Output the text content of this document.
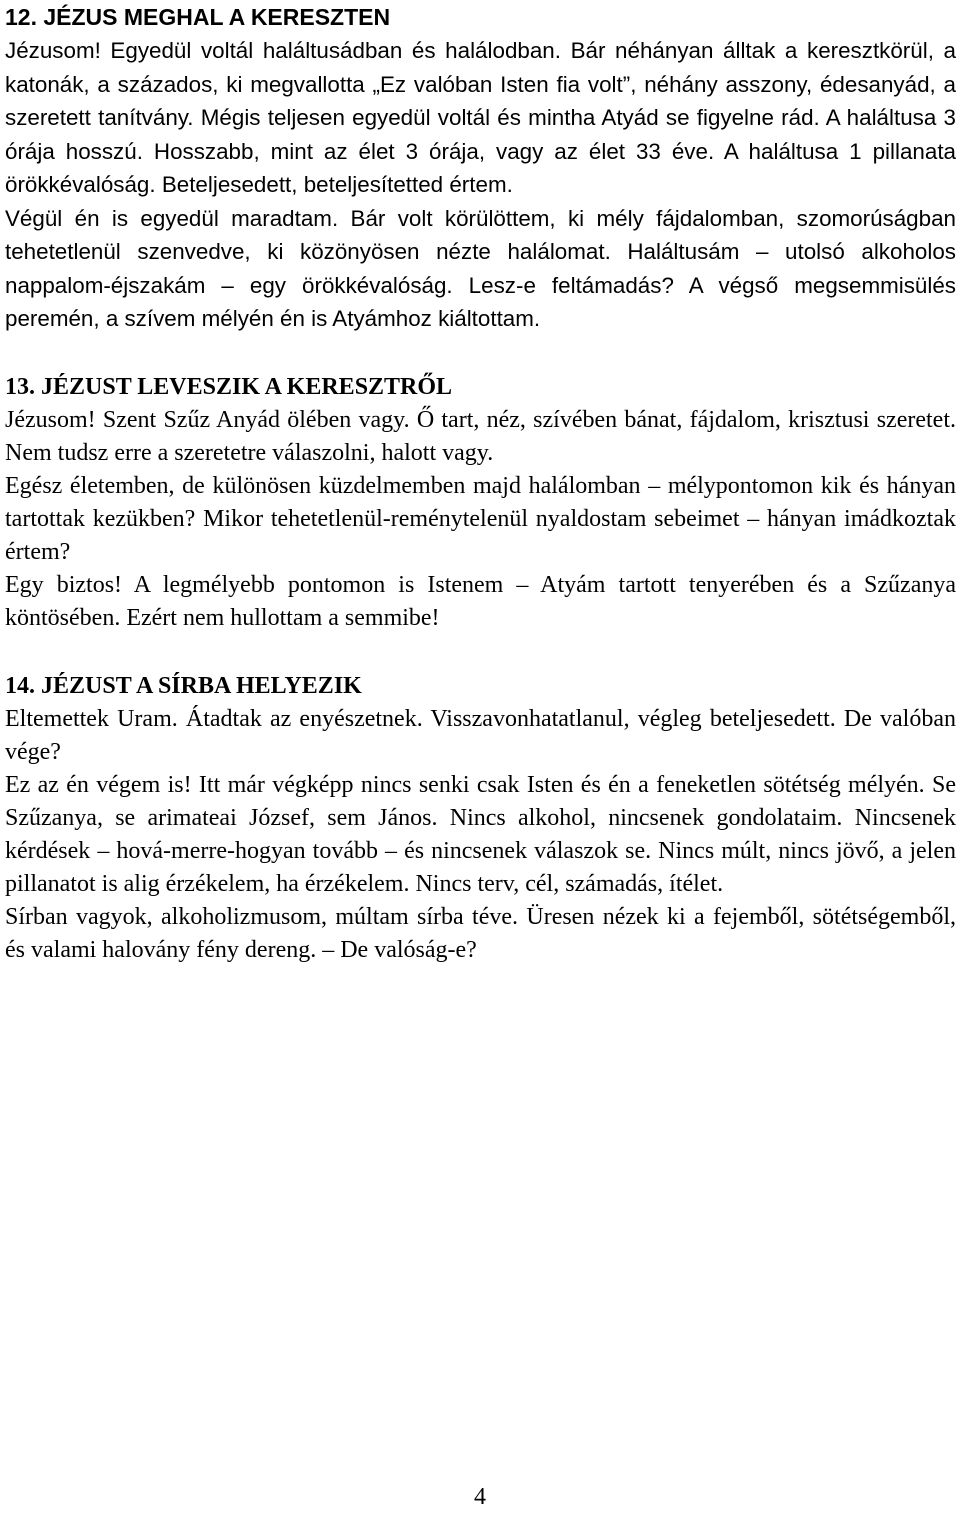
12. JÉZUS MEGHAL A KERESZTEN

Jézusom! Egyedül voltál haláltusádban és halálodban. Bár néhányan álltak a keresztkörül, a katonák, a százados, ki megvallotta „Ez valóban Isten fia volt”, néhány asszony, édesanyád, a szeretett tanítvány. Mégis teljesen egyedül voltál és mintha Atyád se figyelne rád. A haláltusa 3 órája hosszú. Hosszabb, mint az élet 3 órája, vagy az élet 33 éve. A haláltusa 1 pillanata örökkévalóság. Beteljesedett, beteljesítetted értem.

Végül én is egyedül maradtam. Bár volt körülöttem, ki mély fájdalomban, szomorúságban tehetetlenül szenvedve, ki közönyösen nézte halálomat. Haláltusám – utolsó alkoholos nappalom-éjszakám – egy örökkévalóság. Lesz-e feltámadás? A végső megsemmisülés peremén, a szívem mélyén én is Atyámhoz kiáltottam.

13. JÉZUST LEVESZIK A KERESZTRŐL

Jézusom! Szent Szűz Anyád ölében vagy. Ő tart, néz, szívében bánat, fájdalom, krisztusi szeretet. Nem tudsz erre a szeretetre válaszolni, halott vagy.

Egész életemben, de különösen küzdelmemben majd halálomban – mélypontomon kik és hányan tartottak kezükben? Mikor tehetetlenül-reménytelenül nyaldostam sebeimet – hányan imádkoztak értem?

Egy biztos! A legmélyebb pontomon is Istenem – Atyám tartott tenyerében és a Szűzanya köntösében. Ezért nem hullottam a semmibe!

14. JÉZUST A SÍRBA HELYEZIK

Eltemettek Uram. Átadtak az enyészetnek. Visszavonhatatlanul, végleg beteljesedett. De valóban vége?

Ez az én végem is! Itt már végképp nincs senki csak Isten és én a feneketlen sötétség mélyén. Se Szűzanya, se arimateai József, sem János. Nincs alkohol, nincsenek gondolataim. Nincsenek kérdések – hová-merre-hogyan tovább – és nincsenek válaszok se. Nincs múlt, nincs jövő, a jelen pillanatot is alig érzékelem, ha érzékelem. Nincs terv, cél, számadás, ítélet.

Sírban vagyok, alkoholizmusom, múltam sírba téve. Üresen nézek ki a fejemből, sötétségemből, és valami halovány fény dereng. – De valóság-e?

4
